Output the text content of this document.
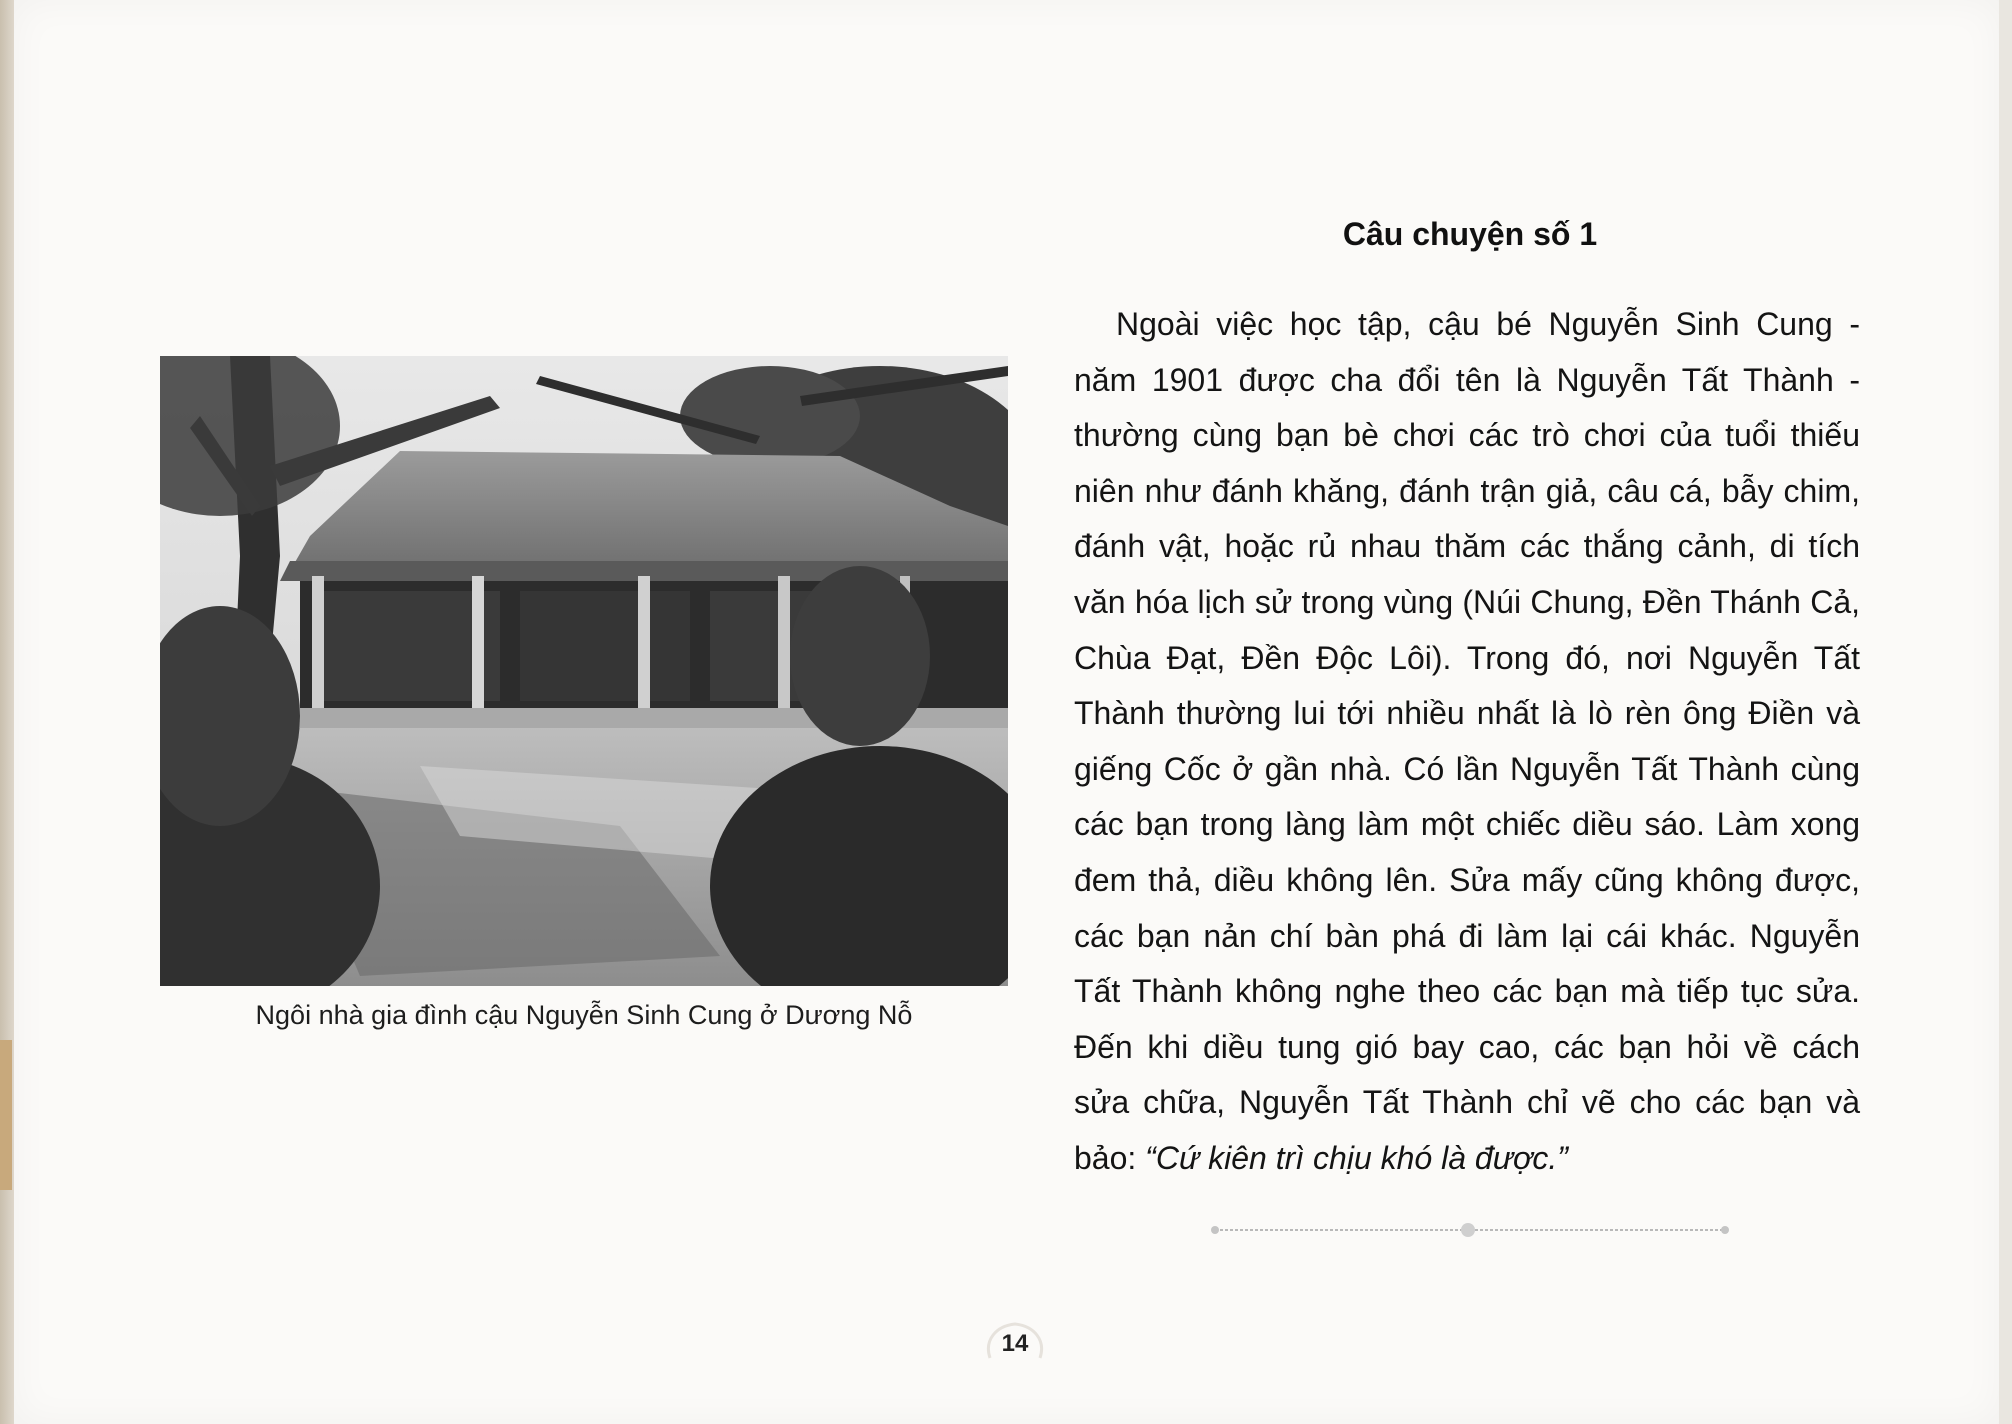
Ngôi nhà gia đình cậu Nguyễn Sinh Cung ở Dương Nỗ
Câu chuyện số 1

Ngoài việc học tập, cậu bé Nguyễn Sinh Cung - năm 1901 được cha đổi tên là Nguyễn Tất Thành - thường cùng bạn bè chơi các trò chơi của tuổi thiếu niên như đánh khăng, đánh trận giả, câu cá, bẫy chim, đánh vật, hoặc rủ nhau thăm các thắng cảnh, di tích văn hóa lịch sử trong vùng (Núi Chung, Đền Thánh Cả, Chùa Đạt, Đền Độc Lôi). Trong đó, nơi Nguyễn Tất Thành thường lui tới nhiều nhất là lò rèn ông Điền và giếng Cốc ở gần nhà. Có lần Nguyễn Tất Thành cùng các bạn trong làng làm một chiếc diều sáo. Làm xong đem thả, diều không lên. Sửa mấy cũng không được, các bạn nản chí bàn phá đi làm lại cái khác. Nguyễn Tất Thành không nghe theo các bạn mà tiếp tục sửa. Đến khi diều tung gió bay cao, các bạn hỏi về cách sửa chữa, Nguyễn Tất Thành chỉ vẽ cho các bạn và bảo: “Cứ kiên trì chịu khó là được.”

14
